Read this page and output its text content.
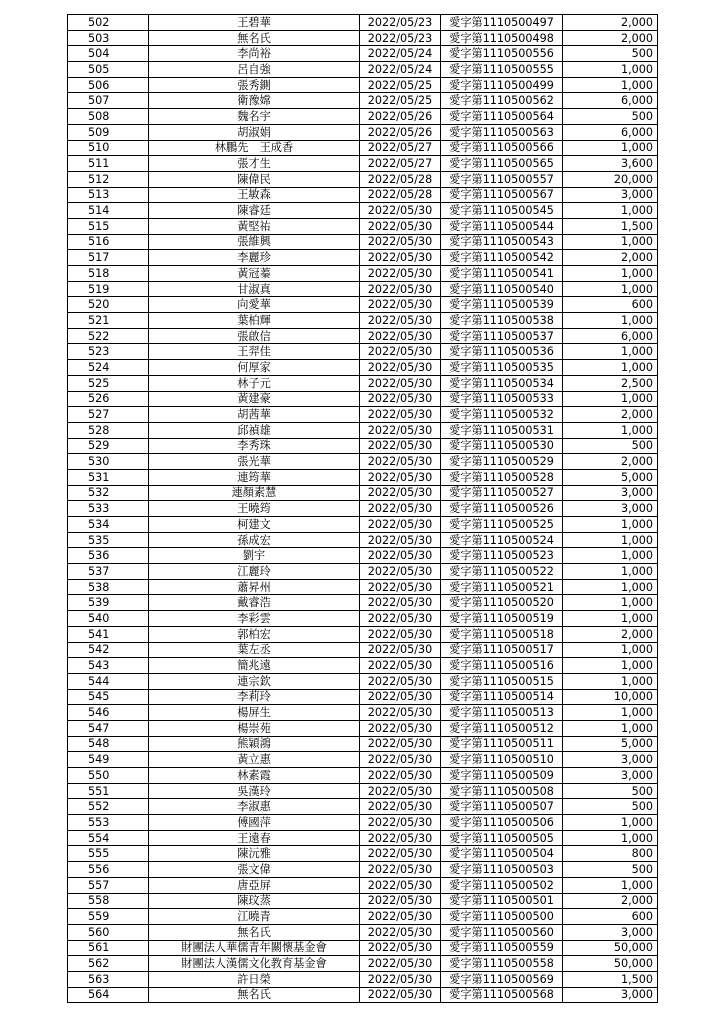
502	王碧華	2022/05/23	愛字第1110500497	2,000
503	無名氏	2022/05/23	愛字第1110500498	2,000
504	李尚裕	2022/05/24	愛字第1110500556	500
505	呂自強	2022/05/24	愛字第1110500555	1,000
506	張秀鍘	2022/05/25	愛字第1110500499	1,000
507	衛豫嫦	2022/05/25	愛字第1110500562	6,000
508	魏名宇	2022/05/26	愛字第1110500564	500
509	胡淑娟	2022/05/26	愛字第1110500563	6,000
510	林鵬先　王成香	2022/05/27	愛字第1110500566	1,000
511	張才生	2022/05/27	愛字第1110500565	3,600
512	陳偉民	2022/05/28	愛字第1110500557	20,000
513	王敏森	2022/05/28	愛字第1110500567	3,000
514	陳睿廷	2022/05/30	愛字第1110500545	1,000
515	黃堅祐	2022/05/30	愛字第1110500544	1,500
516	張維興	2022/05/30	愛字第1110500543	1,000
517	李麗珍	2022/05/30	愛字第1110500542	2,000
518	黃冠蓁	2022/05/30	愛字第1110500541	1,000
519	甘淑真	2022/05/30	愛字第1110500540	1,000
520	向愛華	2022/05/30	愛字第1110500539	600
521	葉柏輝	2022/05/30	愛字第1110500538	1,000
522	張啟信	2022/05/30	愛字第1110500537	6,000
523	王羿佳	2022/05/30	愛字第1110500536	1,000
524	何厚家	2022/05/30	愛字第1110500535	1,000
525	林子元	2022/05/30	愛字第1110500534	2,500
526	黃建豪	2022/05/30	愛字第1110500533	1,000
527	胡茜華	2022/05/30	愛字第1110500532	2,000
528	邱禎雄	2022/05/30	愛字第1110500531	1,000
529	李秀珠	2022/05/30	愛字第1110500530	500
530	張光華	2022/05/30	愛字第1110500529	2,000
531	連筠華	2022/05/30	愛字第1110500528	5,000
532	連顏素慧	2022/05/30	愛字第1110500527	3,000
533	王曉筠	2022/05/30	愛字第1110500526	3,000
534	柯建文	2022/05/30	愛字第1110500525	1,000
535	孫成宏	2022/05/30	愛字第1110500524	1,000
536	劉宇	2022/05/30	愛字第1110500523	1,000
537	江麗玲	2022/05/30	愛字第1110500522	1,000
538	蕭昇州	2022/05/30	愛字第1110500521	1,000
539	戴睿浩	2022/05/30	愛字第1110500520	1,000
540	李彩雲	2022/05/30	愛字第1110500519	1,000
541	郭柏宏	2022/05/30	愛字第1110500518	2,000
542	葉左丞	2022/05/30	愛字第1110500517	1,000
543	簡兆遠	2022/05/30	愛字第1110500516	1,000
544	連宗欽	2022/05/30	愛字第1110500515	1,000
545	李莉玲	2022/05/30	愛字第1110500514	10,000
546	楊屏生	2022/05/30	愛字第1110500513	1,000
547	楊崇苑	2022/05/30	愛字第1110500512	1,000
548	熊穎鴻	2022/05/30	愛字第1110500511	5,000
549	黃立惠	2022/05/30	愛字第1110500510	3,000
550	林素霞	2022/05/30	愛字第1110500509	3,000
551	吳漢玲	2022/05/30	愛字第1110500508	500
552	李淑惠	2022/05/30	愛字第1110500507	500
553	傅國萍	2022/05/30	愛字第1110500506	1,000
554	王遠春	2022/05/30	愛字第1110500505	1,000
555	陳沅雅	2022/05/30	愛字第1110500504	800
556	張文偉	2022/05/30	愛字第1110500503	500
557	唐亞屏	2022/05/30	愛字第1110500502	1,000
558	陳玟蒸	2022/05/30	愛字第1110500501	2,000
559	江曉青	2022/05/30	愛字第1110500500	600
560	無名氏	2022/05/30	愛字第1110500560	3,000
561	財團法人華儒青年關懷基金會	2022/05/30	愛字第1110500559	50,000
562	財團法人漢儒文化教育基金會	2022/05/30	愛字第1110500558	50,000
563	許日榮	2022/05/30	愛字第1110500569	1,500
564	無名氏	2022/05/30	愛字第1110500568	3,000
